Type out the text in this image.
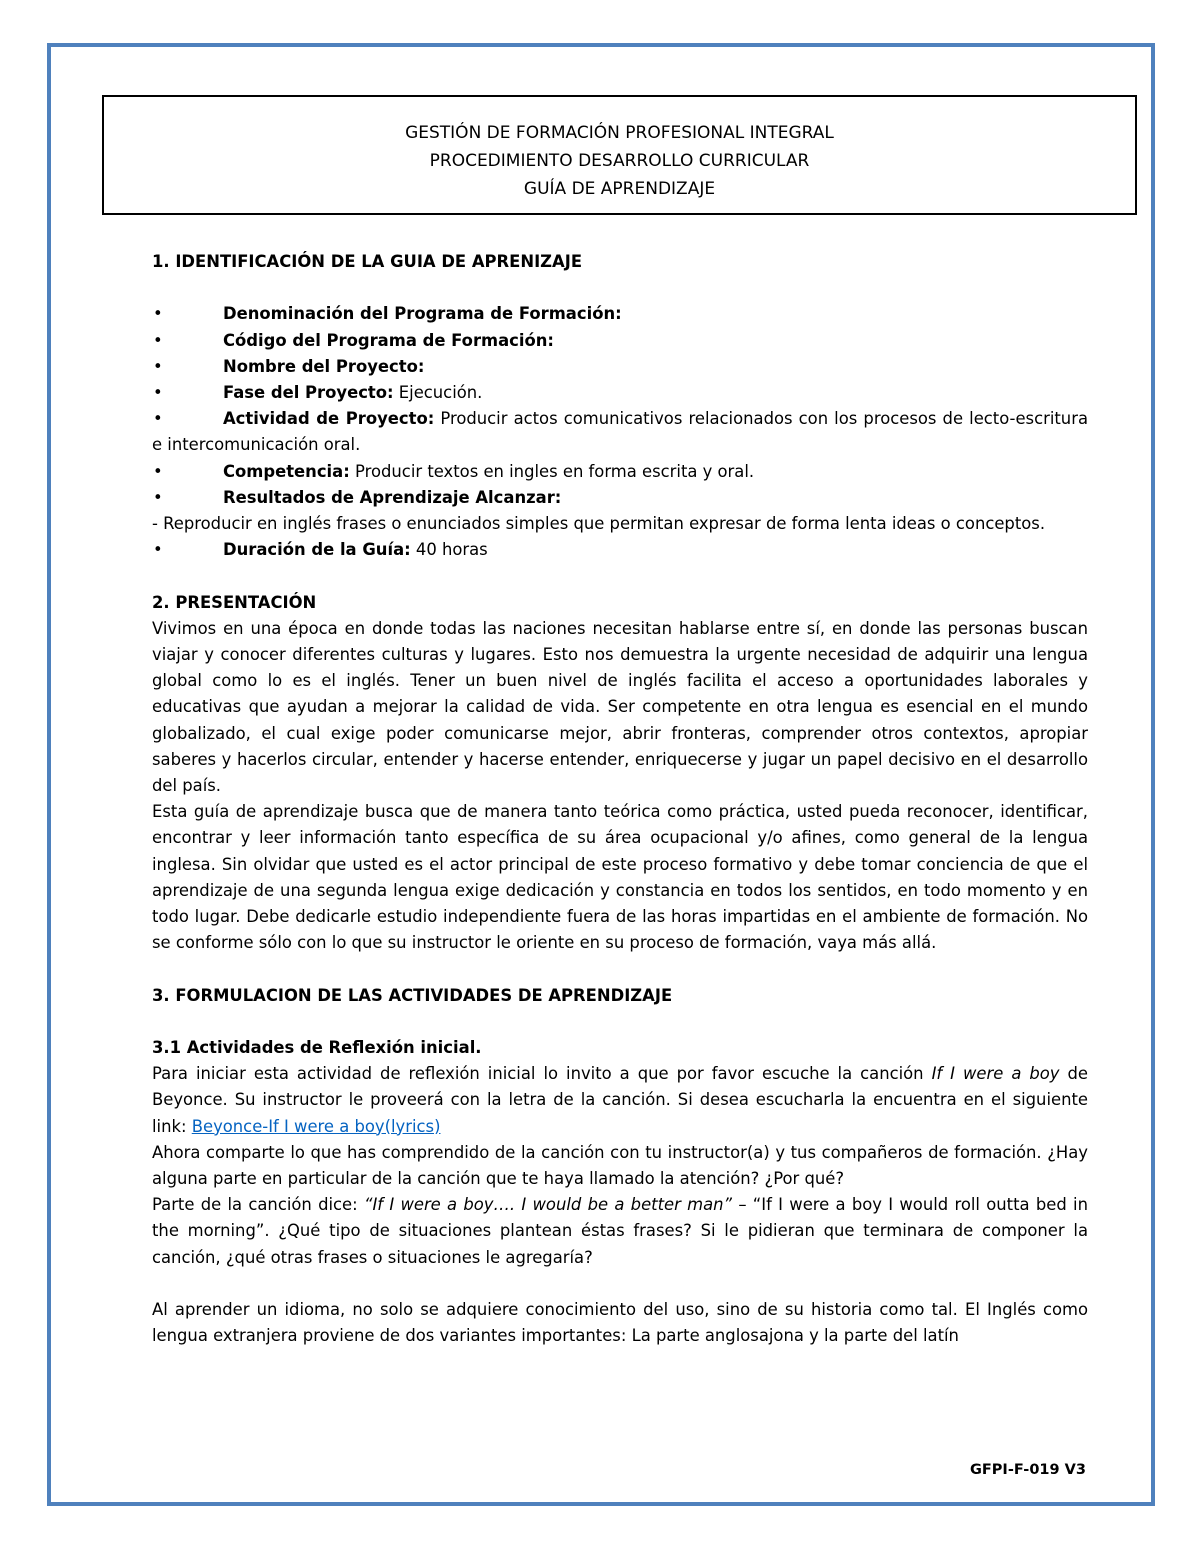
GESTIÓN DE FORMACIÓN PROFESIONAL INTEGRAL
PROCEDIMIENTO DESARROLLO CURRICULAR
GUÍA DE APRENDIZAJE

1. IDENTIFICACIÓN DE LA GUIA DE APRENIZAJE

•	Denominación del Programa de Formación:

•	Código del Programa de Formación:

•	Nombre del Proyecto:

•	Fase del Proyecto: Ejecución.

•	Actividad de Proyecto: Producir actos comunicativos relacionados con los procesos de lecto-escritura e intercomunicación oral.

•	Competencia: Producir textos en ingles en forma escrita y oral.

•	Resultados de Aprendizaje Alcanzar:

- Reproducir en inglés frases o enunciados simples que permitan expresar de forma lenta ideas o conceptos.

•	Duración de la Guía: 40 horas

2. PRESENTACIÓN

Vivimos en una época en donde todas las naciones necesitan hablarse entre sí, en donde las personas buscan viajar y conocer diferentes culturas y lugares. Esto nos demuestra la urgente necesidad de adquirir una lengua global como lo es el inglés. Tener un buen nivel de inglés facilita el acceso a oportunidades laborales y educativas que ayudan a mejorar la calidad de vida. Ser competente en otra lengua es esencial en el mundo globalizado, el cual exige poder comunicarse mejor, abrir fronteras, comprender otros contextos, apropiar saberes y hacerlos circular, entender y hacerse entender, enriquecerse y jugar un papel decisivo en el desarrollo del país.

Esta guía de aprendizaje busca que de manera tanto teórica como práctica, usted pueda reconocer, identificar, encontrar y leer información tanto específica de su área ocupacional y/o afines, como general de la lengua inglesa. Sin olvidar que usted es el actor principal de este proceso formativo y debe tomar conciencia de que el aprendizaje de una segunda lengua exige dedicación y constancia en todos los sentidos, en todo momento y en todo lugar. Debe dedicarle estudio independiente fuera de las horas impartidas en el ambiente de formación. No se conforme sólo con lo que su instructor le oriente en su proceso de formación, vaya más allá.

3. FORMULACION DE LAS ACTIVIDADES DE APRENDIZAJE

3.1 Actividades de Reflexión inicial.

Para iniciar esta actividad de reflexión inicial lo invito a que por favor escuche la canción If I were a boy de Beyonce. Su instructor le proveerá con la letra de la canción. Si desea escucharla la encuentra en el siguiente link: Beyonce-If I were a boy(lyrics)

Ahora comparte lo que has comprendido de la canción con tu instructor(a) y tus compañeros de formación. ¿Hay alguna parte en particular de la canción que te haya llamado la atención? ¿Por qué?

Parte de la canción dice: “If I were a boy…. I would be a better man” – “If I were a boy I would roll outta bed in the morning”. ¿Qué tipo de situaciones plantean éstas frases? Si le pidieran que terminara de componer la canción, ¿qué otras frases o situaciones le agregaría?

Al aprender un idioma, no solo se adquiere conocimiento del uso, sino de su historia como tal. El Inglés como lengua extranjera proviene de dos variantes importantes: La parte anglosajona y la parte del latín

GFPI-F-019 V3
